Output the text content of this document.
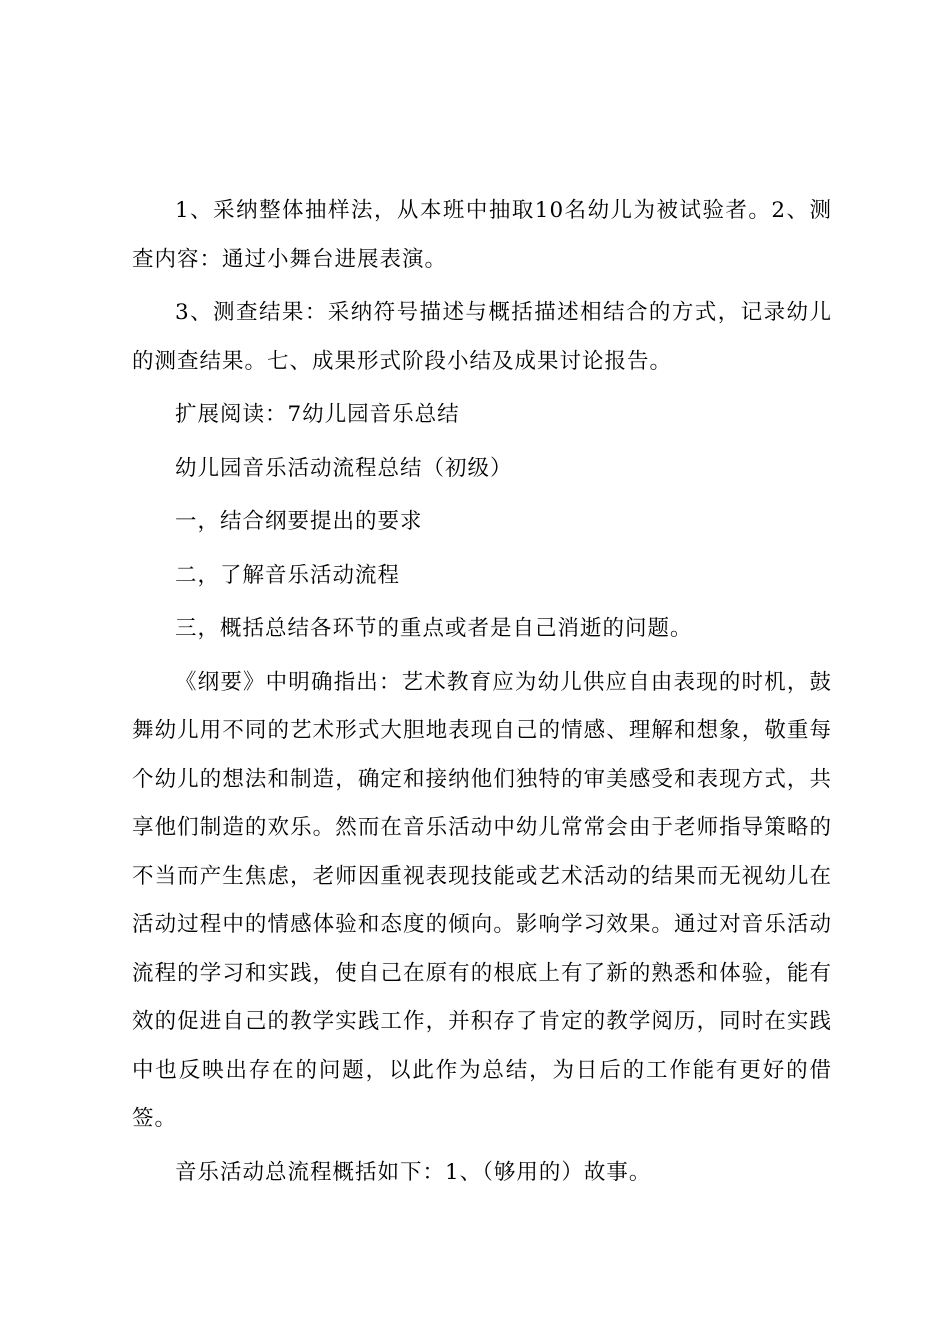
1、采纳整体抽样法，从本班中抽取10名幼儿为被试验者。2、测查内容：通过小舞台进展表演。

3、测查结果：采纳符号描述与概括描述相结合的方式，记录幼儿的测查结果。七、成果形式阶段小结及成果讨论报告。

扩展阅读：7幼儿园音乐总结

幼儿园音乐活动流程总结（初级）

一，结合纲要提出的要求

二，了解音乐活动流程

三，概括总结各环节的重点或者是自己消逝的问题。

《纲要》中明确指出：艺术教育应为幼儿供应自由表现的时机，鼓舞幼儿用不同的艺术形式大胆地表现自己的情感、理解和想象，敬重每个幼儿的想法和制造，确定和接纳他们独特的审美感受和表现方式，共享他们制造的欢乐。然而在音乐活动中幼儿常常会由于老师指导策略的不当而产生焦虑，老师因重视表现技能或艺术活动的结果而无视幼儿在活动过程中的情感体验和态度的倾向。影响学习效果。通过对音乐活动流程的学习和实践，使自己在原有的根底上有了新的熟悉和体验，能有效的促进自己的教学实践工作，并积存了肯定的教学阅历，同时在实践中也反映出存在的问题，以此作为总结，为日后的工作能有更好的借签。

音乐活动总流程概括如下：1、（够用的）故事。
